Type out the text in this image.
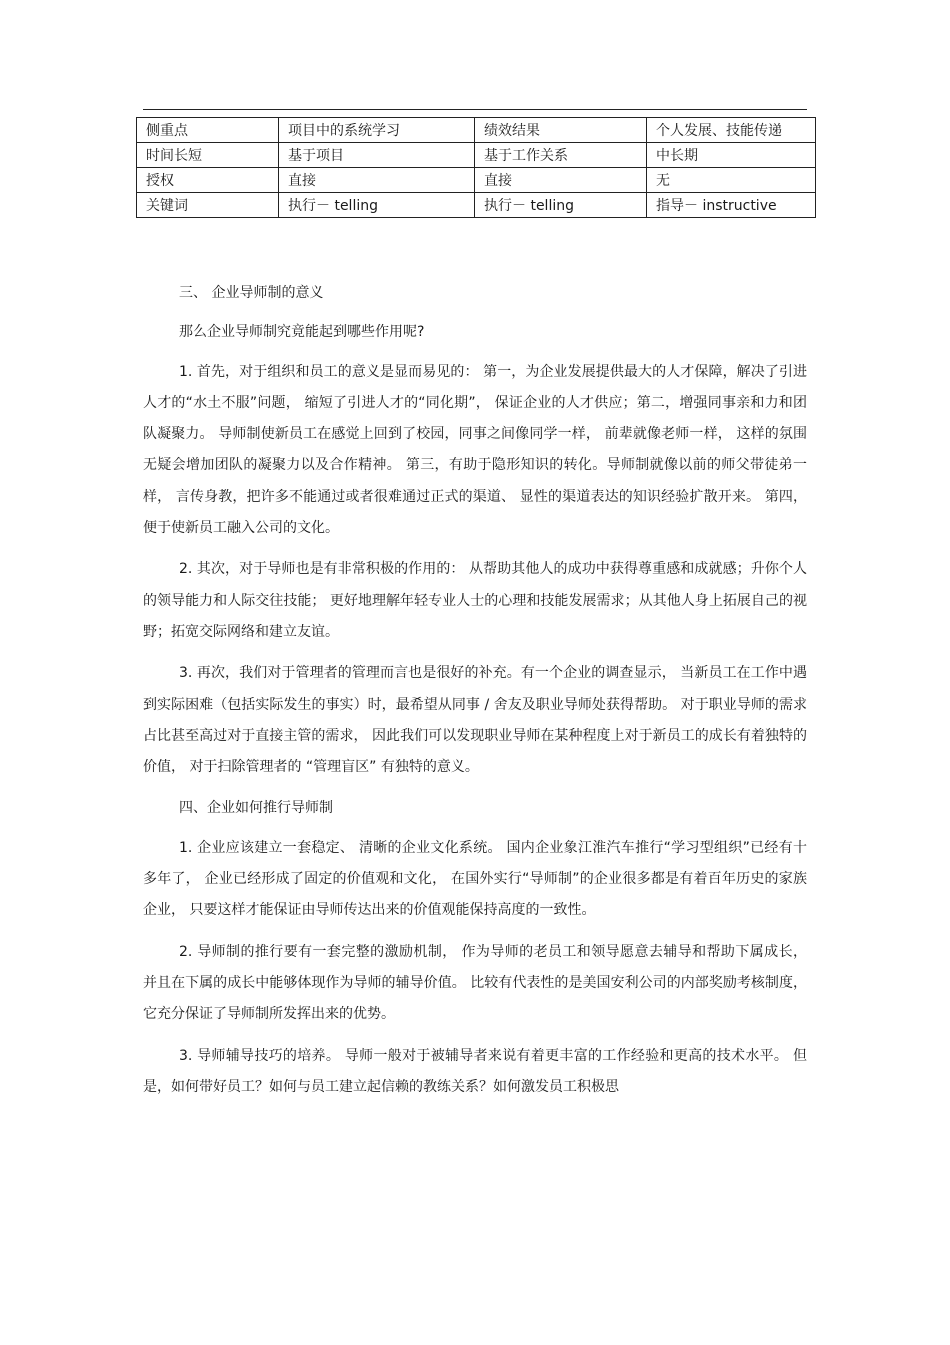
侧重点	项目中的系统学习	绩效结果	个人发展、技能传递
时间长短	基于项目	基于工作关系	中长期
授权	直接	直接	无
关键词	执行－ telling	执行－ telling	指导－ instructive

三、 企业导师制的意义

那么企业导师制究竟能起到哪些作用呢?

1. 首先，对于组织和员工的意义是显而易见的： 第一，为企业发展提供最大的人才保障，解决了引进人才的“水土不服”问题， 缩短了引进人才的“同化期”， 保证企业的人才供应；第二，增强同事亲和力和团队凝聚力。 导师制使新员工在感觉上回到了校园，同事之间像同学一样， 前辈就像老师一样， 这样的氛围无疑会增加团队的凝聚力以及合作精神。 第三，有助于隐形知识的转化。导师制就像以前的师父带徒弟一样， 言传身教，把许多不能通过或者很难通过正式的渠道、 显性的渠道表达的知识经验扩散开来。 第四，便于使新员工融入公司的文化。

2. 其次，对于导师也是有非常积极的作用的： 从帮助其他人的成功中获得尊重感和成就感；升你个人的领导能力和人际交往技能； 更好地理解年轻专业人士的心理和技能发展需求；从其他人身上拓展自己的视野；拓宽交际网络和建立友谊。

3. 再次，我们对于管理者的管理而言也是很好的补充。有一个企业的调查显示， 当新员工在工作中遇到实际困难（包括实际发生的事实）时，最希望从同事 / 舍友及职业导师处获得帮助。 对于职业导师的需求占比甚至高过对于直接主管的需求， 因此我们可以发现职业导师在某种程度上对于新员工的成长有着独特的价值， 对于扫除管理者的 “管理盲区” 有独特的意义。

四、企业如何推行导师制

1. 企业应该建立一套稳定、 清晰的企业文化系统。 国内企业象江淮汽车推行“学习型组织”已经有十多年了， 企业已经形成了固定的价值观和文化， 在国外实行“导师制”的企业很多都是有着百年历史的家族企业， 只要这样才能保证由导师传达出来的价值观能保持高度的一致性。

2. 导师制的推行要有一套完整的激励机制， 作为导师的老员工和领导愿意去辅导和帮助下属成长， 并且在下属的成长中能够体现作为导师的辅导价值。 比较有代表性的是美国安利公司的内部奖励考核制度，它充分保证了导师制所发挥出来的优势。

3. 导师辅导技巧的培养。 导师一般对于被辅导者来说有着更丰富的工作经验和更高的技术水平。 但是，如何带好员工？如何与员工建立起信赖的教练关系？如何激发员工积极思
